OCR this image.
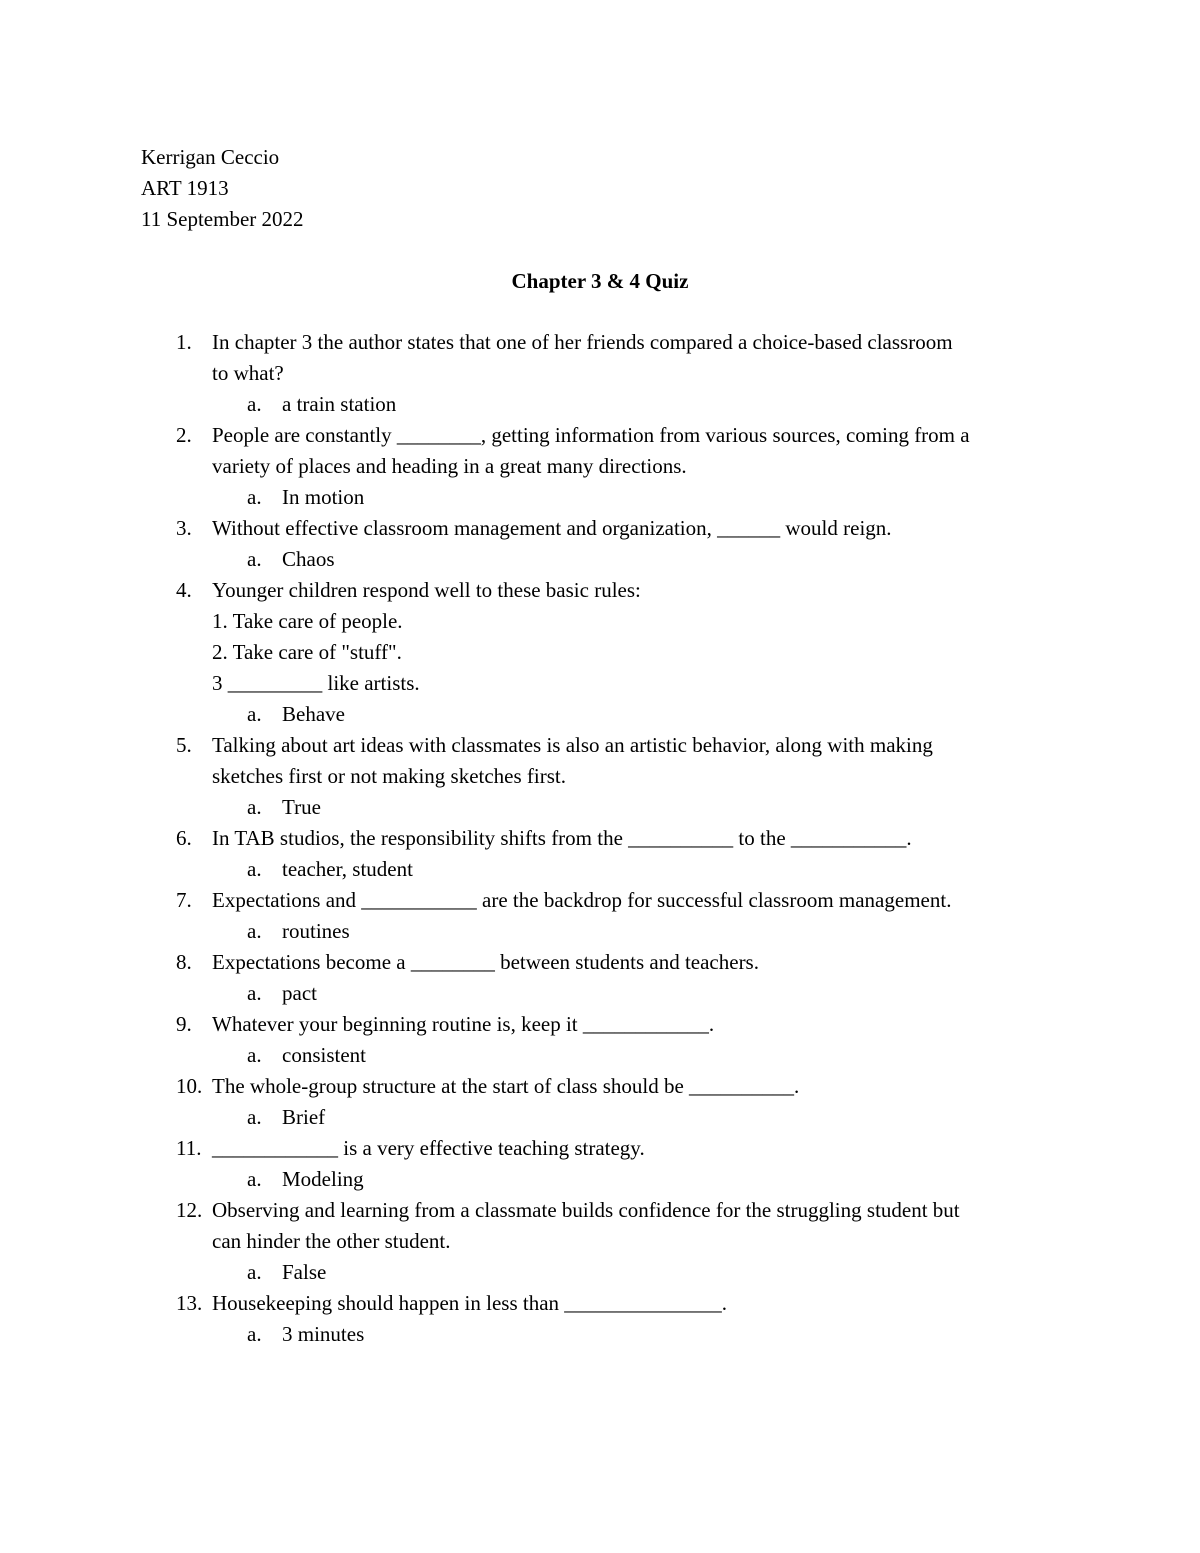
Kerrigan Ceccio
ART 1913
11 September 2022
Chapter 3 & 4 Quiz
1. In chapter 3 the author states that one of her friends compared a choice-based classroom
to what?
a. a train station
2. People are constantly ________, getting information from various sources, coming from a
variety of places and heading in a great many directions.
a. In motion
3. Without effective classroom management and organization, ______ would reign.
a. Chaos
4. Younger children respond well to these basic rules:
1. Take care of people.
2. Take care of "stuff".
3 _________ like artists.
a. Behave
5. Talking about art ideas with classmates is also an artistic behavior, along with making
sketches first or not making sketches first.
a. True
6. In TAB studios, the responsibility shifts from the __________ to the ___________.
a. teacher, student
7. Expectations and ___________ are the backdrop for successful classroom management.
a. routines
8. Expectations become a ________ between students and teachers.
a. pact
9. Whatever your beginning routine is, keep it ____________.
a. consistent
10. The whole-group structure at the start of class should be __________.
a. Brief
11. ____________ is a very effective teaching strategy.
a. Modeling
12. Observing and learning from a classmate builds confidence for the struggling student but
can hinder the other student.
a. False
13. Housekeeping should happen in less than _______________.
a. 3 minutes
